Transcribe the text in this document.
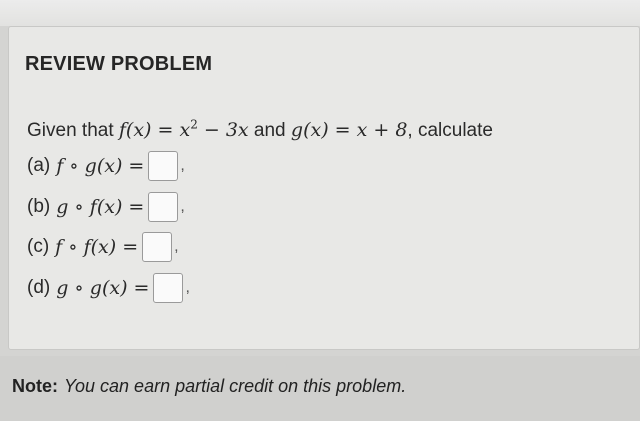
REVIEW PROBLEM
Given that $f(x) = x^2 - 3x$ and g(x) = x + 8, calculate
(a) f ∘ g(x) = ,
(b) g ∘ f(x) = ,
(c) f ∘ f(x) = ,
(d) g ∘ g(x) = ,
Note: You can earn partial credit on this problem.
